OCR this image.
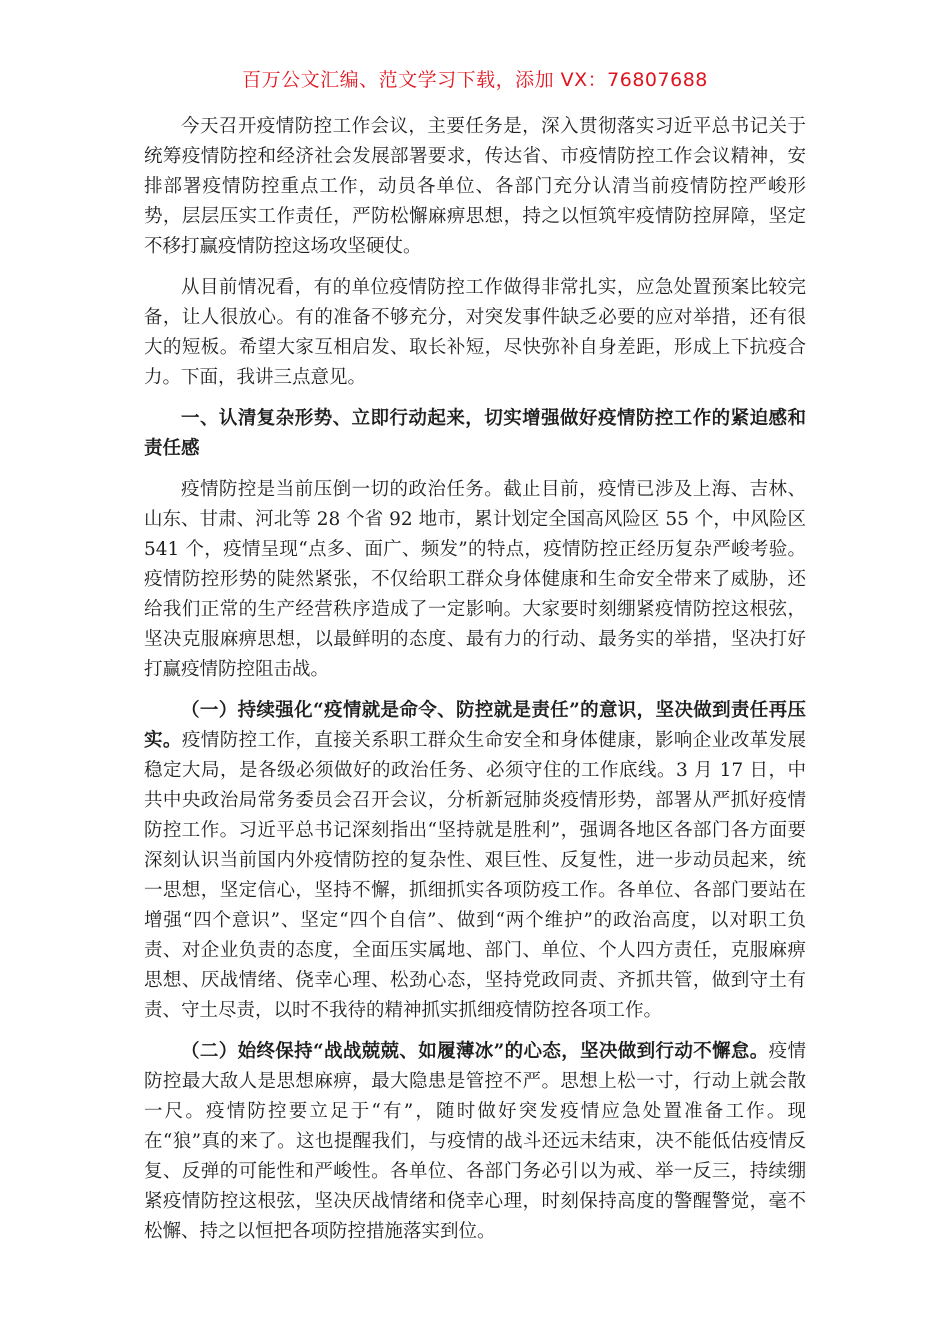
百万公文汇编、范文学习下载，添加 VX：76807688

今天召开疫情防控工作会议，主要任务是，深入贯彻落实习近平总书记关于统筹疫情防控和经济社会发展部署要求，传达省、市疫情防控工作会议精神，安排部署疫情防控重点工作，动员各单位、各部门充分认清当前疫情防控严峻形势，层层压实工作责任，严防松懈麻痹思想，持之以恒筑牢疫情防控屏障，坚定不移打赢疫情防控这场攻坚硬仗。

从目前情况看，有的单位疫情防控工作做得非常扎实，应急处置预案比较完备，让人很放心。有的准备不够充分，对突发事件缺乏必要的应对举措，还有很大的短板。希望大家互相启发、取长补短，尽快弥补自身差距，形成上下抗疫合力。下面，我讲三点意见。

一、认清复杂形势、立即行动起来，切实增强做好疫情防控工作的紧迫感和责任感

疫情防控是当前压倒一切的政治任务。截止目前，疫情已涉及上海、吉林、山东、甘肃、河北等 28 个省 92 地市，累计划定全国高风险区 55 个，中风险区 541 个，疫情呈现“点多、面广、频发”的特点，疫情防控正经历复杂严峻考验。疫情防控形势的陡然紧张，不仅给职工群众身体健康和生命安全带来了威胁，还给我们正常的生产经营秩序造成了一定影响。大家要时刻绷紧疫情防控这根弦，坚决克服麻痹思想，以最鲜明的态度、最有力的行动、最务实的举措，坚决打好打赢疫情防控阻击战。

（一）持续强化“疫情就是命令、防控就是责任”的意识，坚决做到责任再压实。疫情防控工作，直接关系职工群众生命安全和身体健康，影响企业改革发展稳定大局，是各级必须做好的政治任务、必须守住的工作底线。3 月 17 日，中共中央政治局常务委员会召开会议，分析新冠肺炎疫情形势，部署从严抓好疫情防控工作。习近平总书记深刻指出“坚持就是胜利”，强调各地区各部门各方面要深刻认识当前国内外疫情防控的复杂性、艰巨性、反复性，进一步动员起来，统一思想，坚定信心，坚持不懈，抓细抓实各项防疫工作。各单位、各部门要站在增强“四个意识”、坚定“四个自信”、做到“两个维护”的政治高度，以对职工负责、对企业负责的态度，全面压实属地、部门、单位、个人四方责任，克服麻痹思想、厌战情绪、侥幸心理、松劲心态，坚持党政同责、齐抓共管，做到守土有责、守土尽责，以时不我待的精神抓实抓细疫情防控各项工作。

（二）始终保持“战战兢兢、如履薄冰”的心态，坚决做到行动不懈怠。疫情防控最大敌人是思想麻痹，最大隐患是管控不严。思想上松一寸，行动上就会散一尺。疫情防控要立足于“有”，随时做好突发疫情应急处置准备工作。现在“狼”真的来了。这也提醒我们，与疫情的战斗还远未结束，决不能低估疫情反复、反弹的可能性和严峻性。各单位、各部门务必引以为戒、举一反三，持续绷紧疫情防控这根弦，坚决厌战情绪和侥幸心理，时刻保持高度的警醒警觉，毫不松懈、持之以恒把各项防控措施落实到位。
